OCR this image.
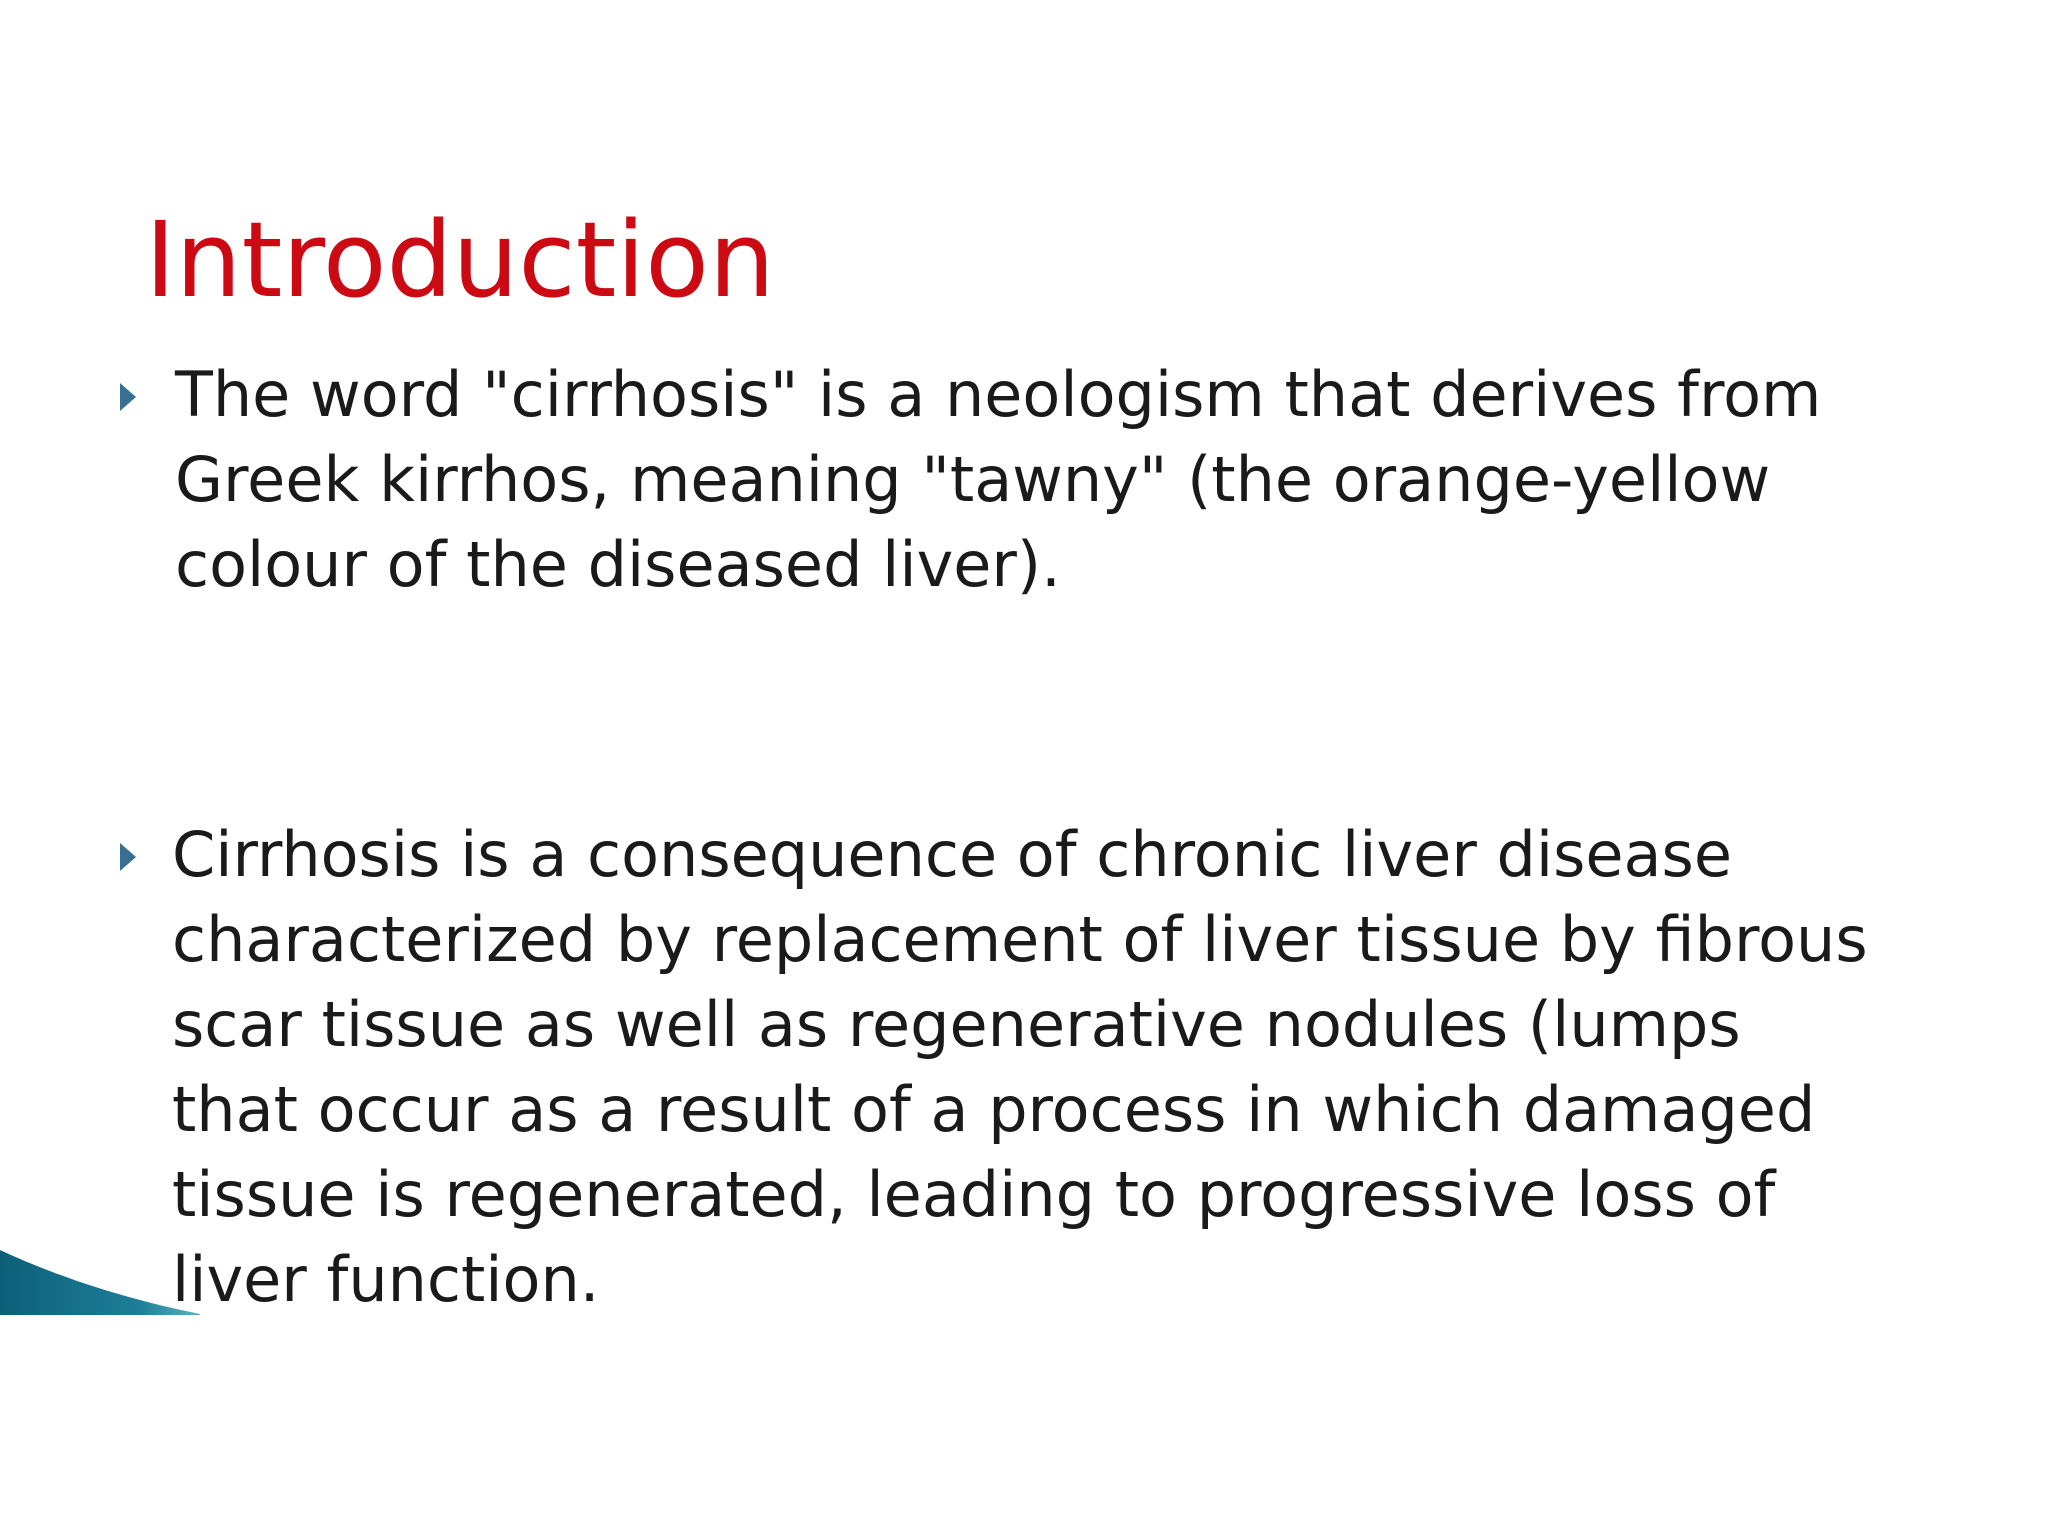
Introduction
The word "cirrhosis" is a neologism that derives from
Greek kirrhos, meaning "tawny" (the orange-yellow
colour of the diseased liver).
Cirrhosis is a consequence of chronic liver disease
characterized by replacement of liver tissue by fibrous
scar tissue as well as regenerative nodules (lumps
that occur as a result of a process in which damaged
tissue is regenerated, leading to progressive loss of
liver function.
